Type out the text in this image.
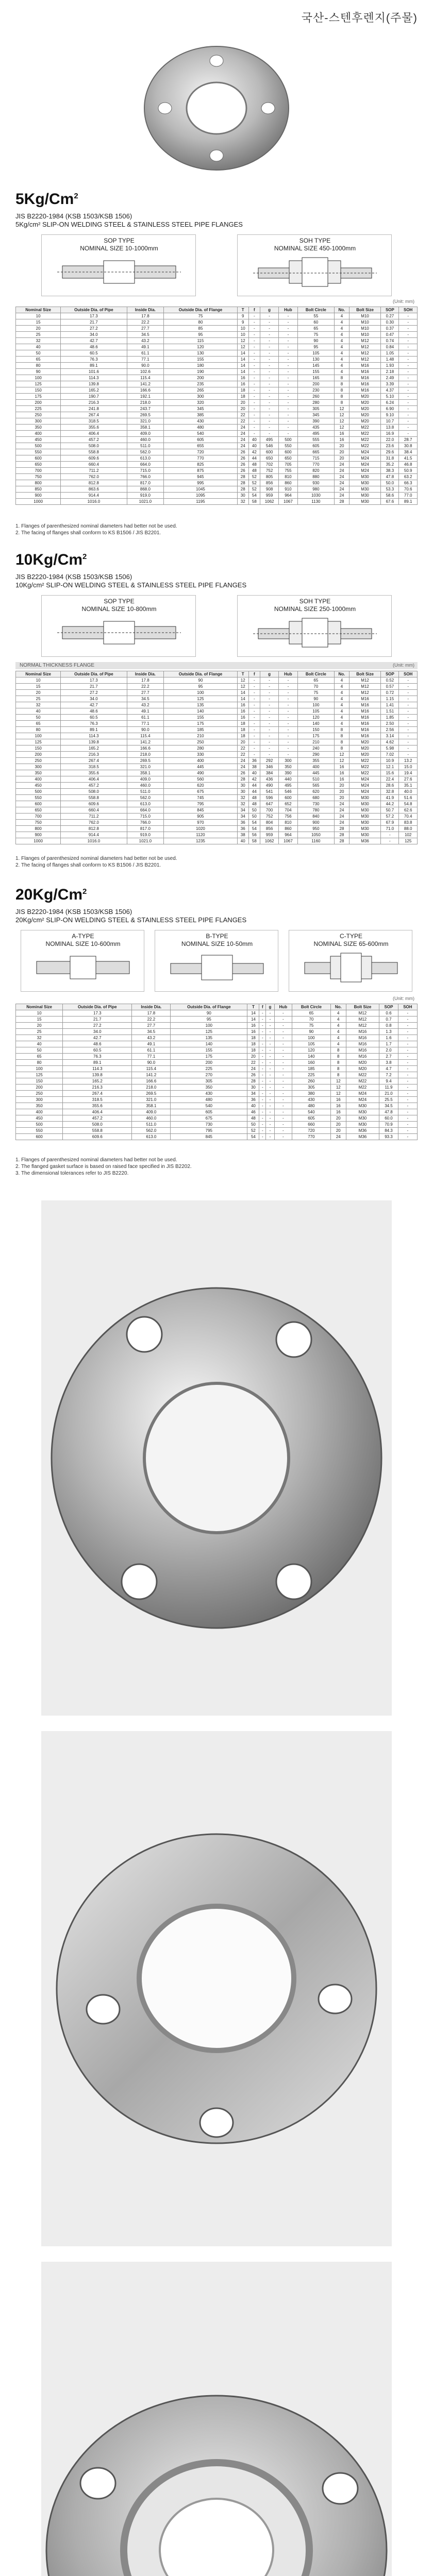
국산-스텐후렌지(주물)
5Kg/Cm$^2$
JIS B2220-1984 (KSB 1503/KSB 1506)
5Kg/cm² SLIP-ON WELDING STEEL & STAINLESS STEEL PIPE FLANGES
SOP TYPE
NOMINAL SIZE 10-1000mm
SOH TYPE
NOMINAL SIZE 450-1000mm
(Unit: mm)
Nominal Size	Outside Dia. of Pipe	Inside Dia.	Outside Dia. of Flange	T	f	g	Hub	Bolt Circle	No.	Bolt Size	SOP	SOH
10	17.3	17.8	75	9	-	-	-	55	4	M10	0.27	-
15	21.7	22.2	80	9	-	-	-	60	4	M10	0.30	-
20	27.2	27.7	85	10	-	-	-	65	4	M10	0.37	-
25	34.0	34.5	95	10	-	-	-	75	4	M10	0.47	-
32	42.7	43.2	115	12	-	-	-	90	4	M12	0.74	-
40	48.6	49.1	120	12	-	-	-	95	4	M12	0.84	-
50	60.5	61.1	130	14	-	-	-	105	4	M12	1.05	-
65	76.3	77.1	155	14	-	-	-	130	4	M12	1.48	-
80	89.1	90.0	180	14	-	-	-	145	4	M16	1.93	-
90	101.6	102.6	190	14	-	-	-	155	4	M16	2.18	-
100	114.3	115.4	200	16	-	-	-	165	8	M16	2.49	-
125	139.8	141.2	235	16	-	-	-	200	8	M16	3.39	-
150	165.2	166.6	265	18	-	-	-	230	8	M16	4.37	-
175	190.7	192.1	300	18	-	-	-	260	8	M20	5.10	-
200	216.3	218.0	320	20	-	-	-	280	8	M20	6.24	-
225	241.8	243.7	345	20	-	-	-	305	12	M20	6.90	-
250	267.4	269.5	385	22	-	-	-	345	12	M20	9.10	-
300	318.5	321.0	430	22	-	-	-	390	12	M20	10.7	-
350	355.6	358.1	480	24	-	-	-	435	12	M22	13.8	-
400	406.4	409.0	540	24	-	-	-	495	16	M22	16.9	-
450	457.2	460.0	605	24	40	495	500	555	16	M22	22.0	28.7
500	508.0	511.0	655	24	40	546	550	605	20	M22	23.6	30.8
550	558.8	562.0	720	26	42	600	600	665	20	M24	29.6	38.4
600	609.6	613.0	770	26	44	650	650	715	20	M24	31.8	41.5
650	660.4	664.0	825	26	48	702	705	770	24	M24	35.2	46.8
700	711.2	715.0	875	26	48	752	755	820	24	M24	38.3	50.9
750	762.0	766.0	945	28	52	805	810	880	24	M30	47.8	63.2
800	812.8	817.0	995	28	52	856	860	930	24	M30	50.0	66.3
850	863.6	868.0	1045	28	52	908	910	980	24	M30	53.3	70.6
900	914.4	919.0	1095	30	54	959	964	1030	24	M30	58.6	77.0
1000	1016.0	1021.0	1195	32	58	1062	1067	1130	28	M30	67.6	89.1
1. Flanges of parenthesized nominal diameters had better not be used.
2. The facing of flanges shall conform to KS B1506 / JIS B2201.
10Kg/Cm$^2$
JIS B2220-1984 (KSB 1503/KSB 1506)
10Kg/cm² SLIP-ON WELDING STEEL & STAINLESS STEEL PIPE FLANGES
SOP TYPE
NOMINAL SIZE 10-800mm
SOH TYPE
NOMINAL SIZE 250-1000mm
NORMAL THICKNESS FLANGE	(Unit: mm)
Nominal Size	Outside Dia. of Pipe	Inside Dia.	Outside Dia. of Flange	T	f	g	Hub	Bolt Circle	No.	Bolt Size	SOP	SOH
10	17.3	17.8	90	12	-	-	-	65	4	M12	0.52	-
15	21.7	22.2	95	12	-	-	-	70	4	M12	0.57	-
20	27.2	27.7	100	14	-	-	-	75	4	M12	0.72	-
25	34.0	34.5	125	14	-	-	-	90	4	M16	1.15	-
32	42.7	43.2	135	16	-	-	-	100	4	M16	1.41	-
40	48.6	49.1	140	16	-	-	-	105	4	M16	1.51	-
50	60.5	61.1	155	16	-	-	-	120	4	M16	1.85	-
65	76.3	77.1	175	18	-	-	-	140	4	M16	2.50	-
80	89.1	90.0	185	18	-	-	-	150	8	M16	2.56	-
100	114.3	115.4	210	18	-	-	-	175	8	M16	3.14	-
125	139.8	141.2	250	20	-	-	-	210	8	M20	4.62	-
150	165.2	166.6	280	22	-	-	-	240	8	M20	5.98	-
200	216.3	218.0	330	22	-	-	-	290	12	M20	7.02	-
250	267.4	269.5	400	24	36	292	300	355	12	M22	10.9	13.2
300	318.5	321.0	445	24	38	346	350	400	16	M22	12.1	15.0
350	355.6	358.1	490	26	40	384	390	445	16	M22	15.6	19.4
400	406.4	409.0	560	28	42	436	440	510	16	M24	22.4	27.6
450	457.2	460.0	620	30	44	490	495	565	20	M24	28.6	35.1
500	508.0	511.0	675	30	44	541	546	620	20	M24	32.8	40.0
550	558.8	562.0	745	32	48	596	600	680	20	M30	41.9	51.6
600	609.6	613.0	795	32	48	647	652	730	24	M30	44.2	54.8
650	660.4	664.0	845	34	50	700	704	780	24	M30	50.7	62.6
700	711.2	715.0	905	34	50	752	756	840	24	M30	57.2	70.4
750	762.0	766.0	970	36	54	804	810	900	24	M30	67.9	83.8
800	812.8	817.0	1020	36	54	856	860	950	28	M30	71.0	88.0
900	914.4	919.0	1120	38	56	959	964	1050	28	M30	-	102
1000	1016.0	1021.0	1235	40	58	1062	1067	1160	28	M36	-	125
1. Flanges of parenthesized nominal diameters had better not be used.
2. The facing of flanges shall conform to KS B1506 / JIS B2201.
20Kg/Cm$^2$
JIS B2220-1984 (KSB 1503/KSB 1506)
20Kg/cm² SLIP-ON WELDING STEEL & STAINLESS STEEL PIPE FLANGES
A-TYPE
NOMINAL SIZE 10-600mm
B-TYPE
NOMINAL SIZE 10-50mm
C-TYPE
NOMINAL SIZE 65-600mm
(Unit: mm)
Nominal Size	Outside Dia. of Pipe	Inside Dia.	Outside Dia. of Flange	T	f	g	Hub	Bolt Circle	No.	Bolt Size	SOP	SOH
10	17.3	17.8	90	14	-	-	-	65	4	M12	0.6	-
15	21.7	22.2	95	14	-	-	-	70	4	M12	0.7	-
20	27.2	27.7	100	16	-	-	-	75	4	M12	0.8	-
25	34.0	34.5	125	16	-	-	-	90	4	M16	1.3	-
32	42.7	43.2	135	18	-	-	-	100	4	M16	1.6	-
40	48.6	49.1	140	18	-	-	-	105	4	M16	1.7	-
50	60.5	61.1	155	18	-	-	-	120	8	M16	2.0	-
65	76.3	77.1	175	20	-	-	-	140	8	M16	2.7	-
80	89.1	90.0	200	22	-	-	-	160	8	M20	3.8	-
100	114.3	115.4	225	24	-	-	-	185	8	M20	4.7	-
125	139.8	141.2	270	26	-	-	-	225	8	M22	7.2	-
150	165.2	166.6	305	28	-	-	-	260	12	M22	9.4	-
200	216.3	218.0	350	30	-	-	-	305	12	M22	11.9	-
250	267.4	269.5	430	34	-	-	-	380	12	M24	21.0	-
300	318.5	321.0	480	36	-	-	-	430	16	M24	25.5	-
350	355.6	358.1	540	40	-	-	-	480	16	M30	34.5	-
400	406.4	409.0	605	46	-	-	-	540	16	M30	47.8	-
450	457.2	460.0	675	48	-	-	-	605	20	M30	60.0	-
500	508.0	511.0	730	50	-	-	-	660	20	M30	70.9	-
550	558.8	562.0	795	52	-	-	-	720	20	M36	84.3	-
600	609.6	613.0	845	54	-	-	-	770	24	M36	93.3	-
1. Flanges of parenthesized nominal diameters had better not be used.
2. The flanged gasket surface is based on raised face specified in JIS B2202.
3. The dimensional tolerances refer to JIS B2220.
